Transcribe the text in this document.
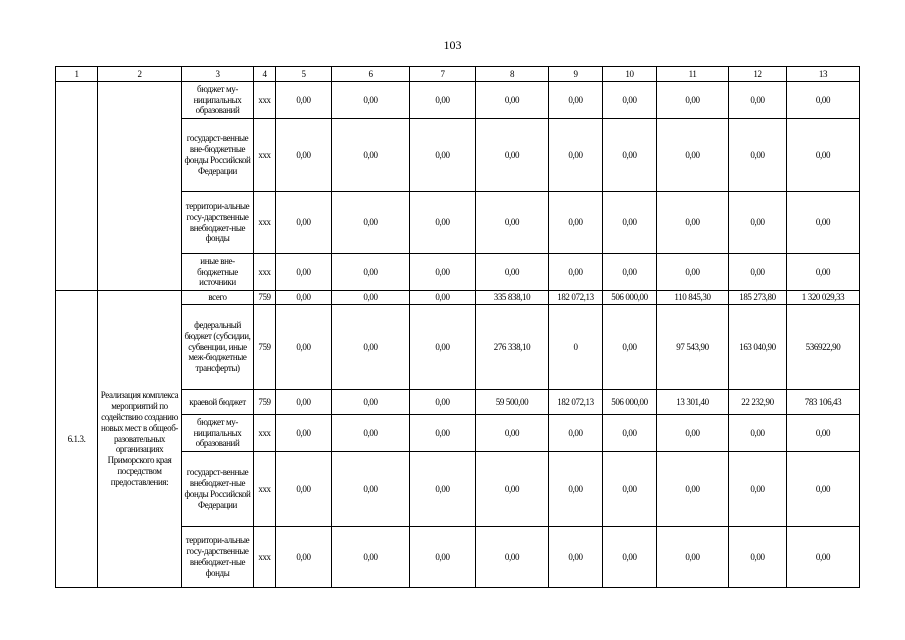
103
1	2	3	4	5	6	7	8	9	10	11	12	13
		бюджет му-ниципальных образований	xxx	0,00	0,00	0,00	0,00	0,00	0,00	0,00	0,00	0,00
		государст-венные вне-бюджетные фонды Российской Федерации	xxx	0,00	0,00	0,00	0,00	0,00	0,00	0,00	0,00	0,00
		территори-альные госу-дарственные внебюджет-ные фонды	xxx	0,00	0,00	0,00	0,00	0,00	0,00	0,00	0,00	0,00
		иные вне-бюджетные источники	xxx	0,00	0,00	0,00	0,00	0,00	0,00	0,00	0,00	0,00
6.1.3.	Реализация комплекса мероприятий по содействию созданию новых мест в общеоб-разовательных организациях Приморского края посредством предоставления:	всего	759	0,00	0,00	0,00	335 838,10	182 072,13	506 000,00	110 845,30	185 273,80	1 320 029,33
		федеральный бюджет (субсидии, субвенции, иные меж-бюджетные трансферты)	759	0,00	0,00	0,00	276 338,10	0	0,00	97 543,90	163 040,90	536922,90
		краевой бюджет	759	0,00	0,00	0,00	59 500,00	182 072,13	506 000,00	13 301,40	22 232,90	783 106,43
		бюджет му-ниципальных образований	xxx	0,00	0,00	0,00	0,00	0,00	0,00	0,00	0,00	0,00
		государст-венные внебюджет-ные фонды Российской Федерации	xxx	0,00	0,00	0,00	0,00	0,00	0,00	0,00	0,00	0,00
		территори-альные госу-дарственные внебюджет-ные фонды	xxx	0,00	0,00	0,00	0,00	0,00	0,00	0,00	0,00	0,00
